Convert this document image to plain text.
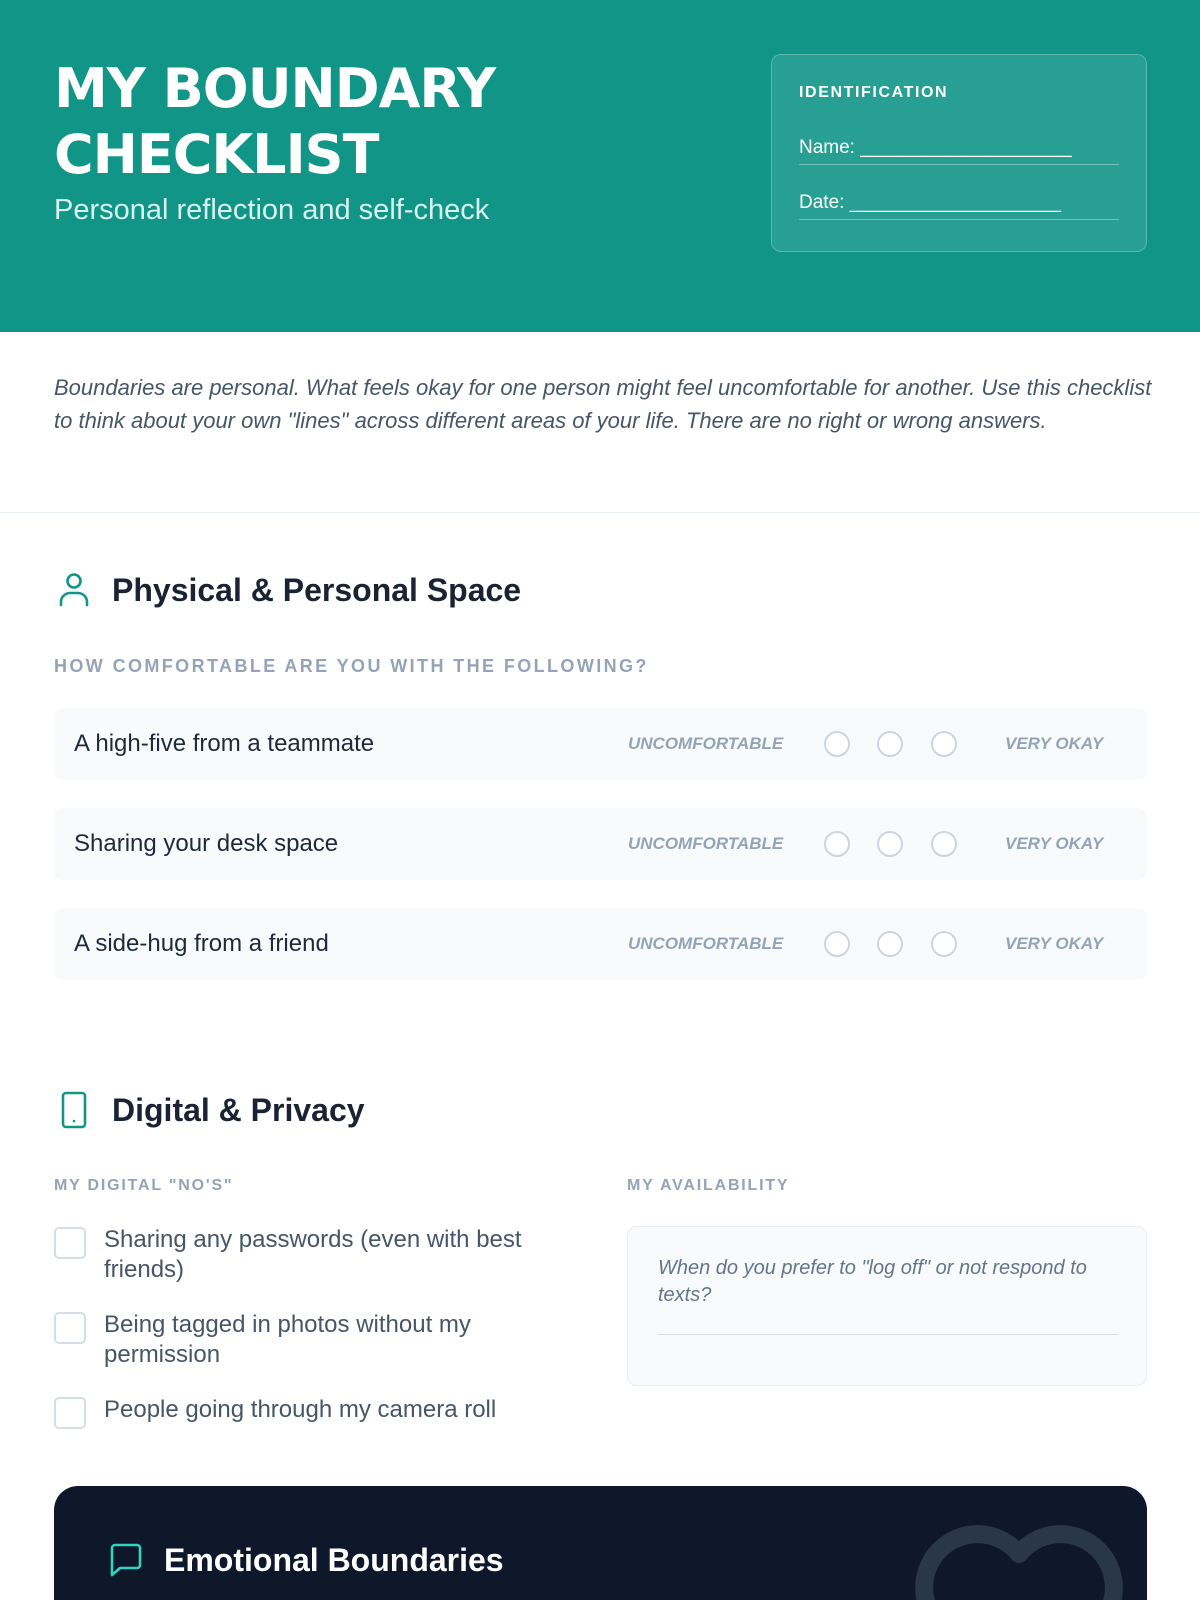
MY BOUNDARY CHECKLIST

Personal reflection and self-check

IDENTIFICATION
Name: ____________________
Date: ____________________

Boundaries are personal. What feels okay for one person might feel uncomfortable for another. Use this checklist to think about your own "lines" across different areas of your life. There are no right or wrong answers.

Physical & Personal Space
HOW COMFORTABLE ARE YOU WITH THE FOLLOWING?
A high-five from a teammate	UNCOMFORTABLE	VERY OKAY
Sharing your desk space	UNCOMFORTABLE	VERY OKAY
A side-hug from a friend	UNCOMFORTABLE	VERY OKAY
Digital & Privacy
MY DIGITAL "NO'S"	MY AVAILABILITY
Sharing any passwords (even with best friends)
Being tagged in photos without my permission
People going through my camera roll

When do you prefer to "log off" or not respond to texts?

Emotional Boundaries
